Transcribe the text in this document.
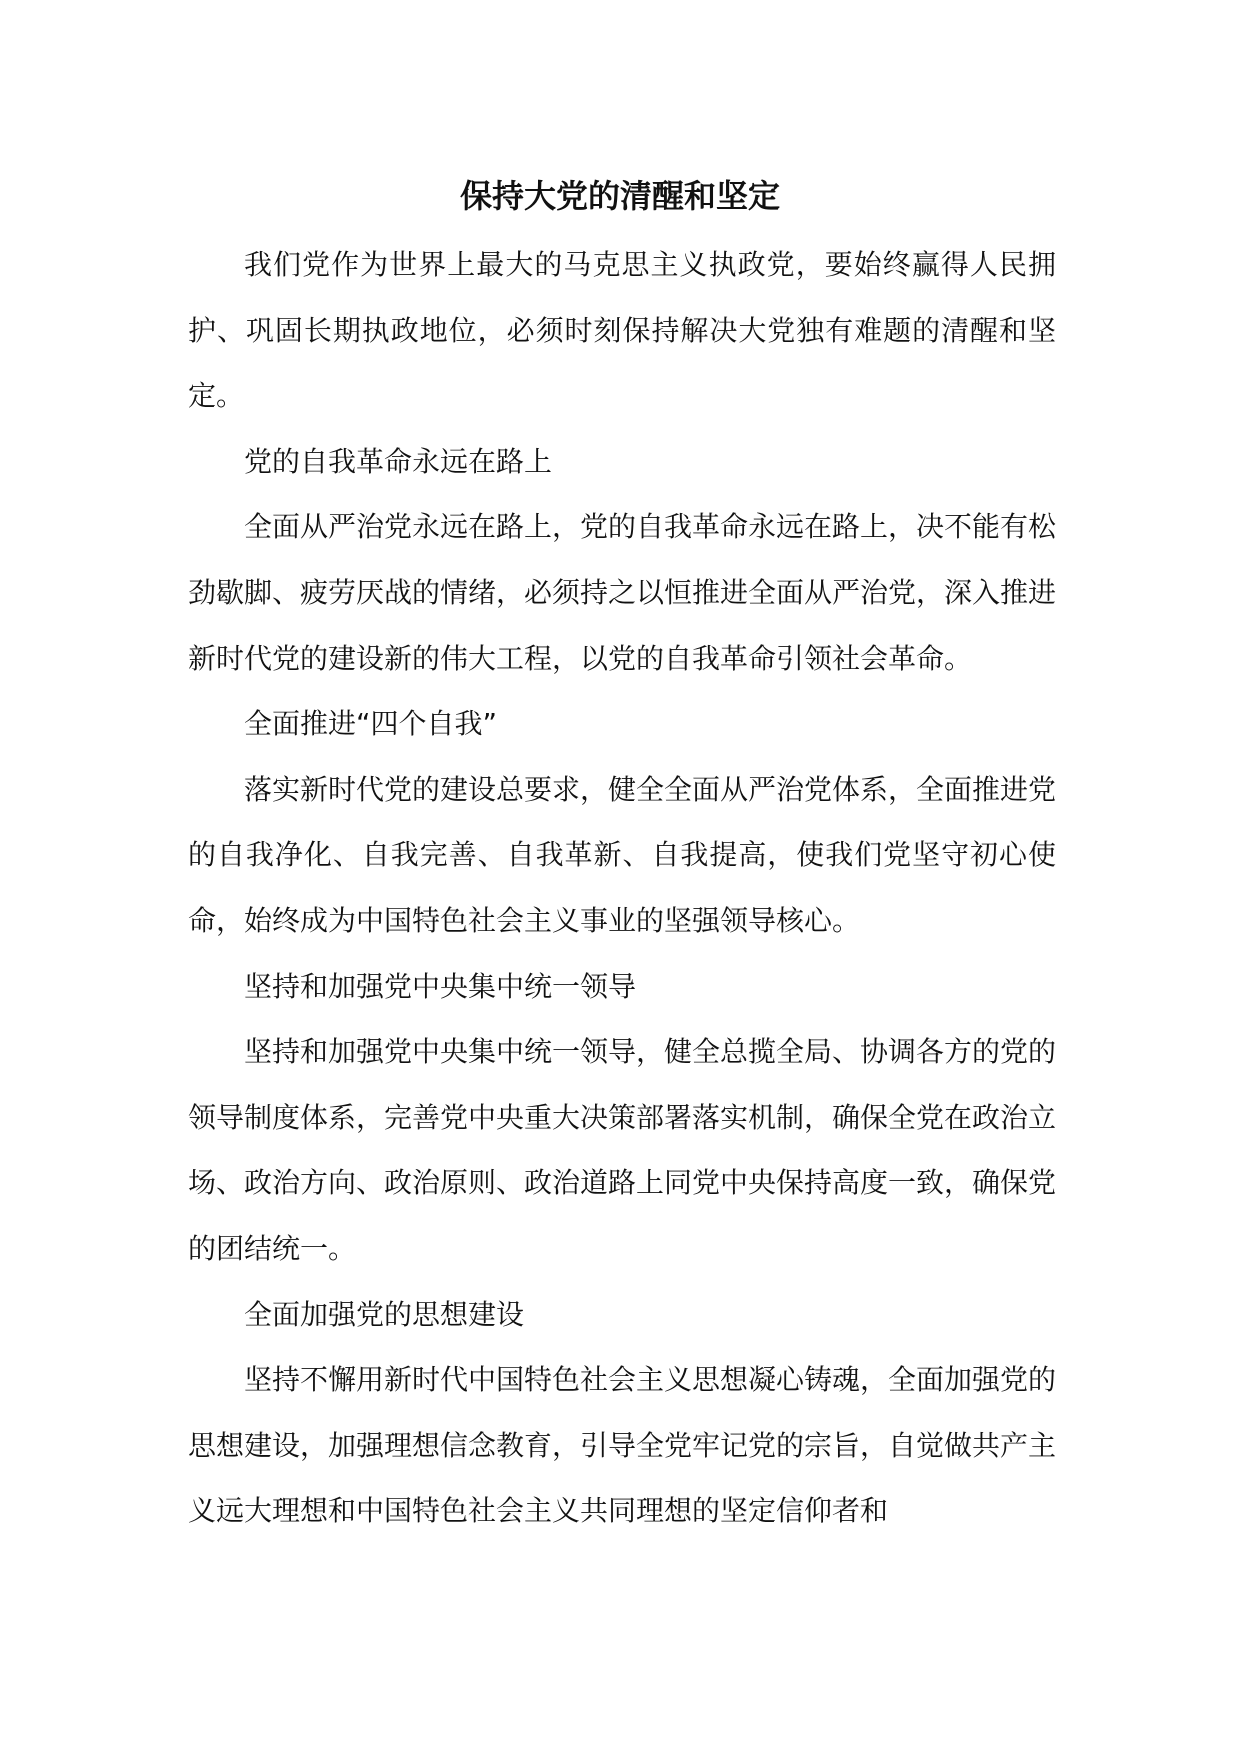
保持大党的清醒和坚定

我们党作为世界上最大的马克思主义执政党，要始终赢得人民拥护、巩固长期执政地位，必须时刻保持解决大党独有难题的清醒和坚定。

党的自我革命永远在路上

全面从严治党永远在路上，党的自我革命永远在路上，决不能有松劲歇脚、疲劳厌战的情绪，必须持之以恒推进全面从严治党，深入推进新时代党的建设新的伟大工程，以党的自我革命引领社会革命。

全面推进“四个自我”

落实新时代党的建设总要求，健全全面从严治党体系，全面推进党的自我净化、自我完善、自我革新、自我提高，使我们党坚守初心使命，始终成为中国特色社会主义事业的坚强领导核心。

坚持和加强党中央集中统一领导

坚持和加强党中央集中统一领导，健全总揽全局、协调各方的党的领导制度体系，完善党中央重大决策部署落实机制，确保全党在政治立场、政治方向、政治原则、政治道路上同党中央保持高度一致，确保党的团结统一。

全面加强党的思想建设

坚持不懈用新时代中国特色社会主义思想凝心铸魂，全面加强党的思想建设，加强理想信念教育，引导全党牢记党的宗旨，自觉做共产主义远大理想和中国特色社会主义共同理想的坚定信仰者和
